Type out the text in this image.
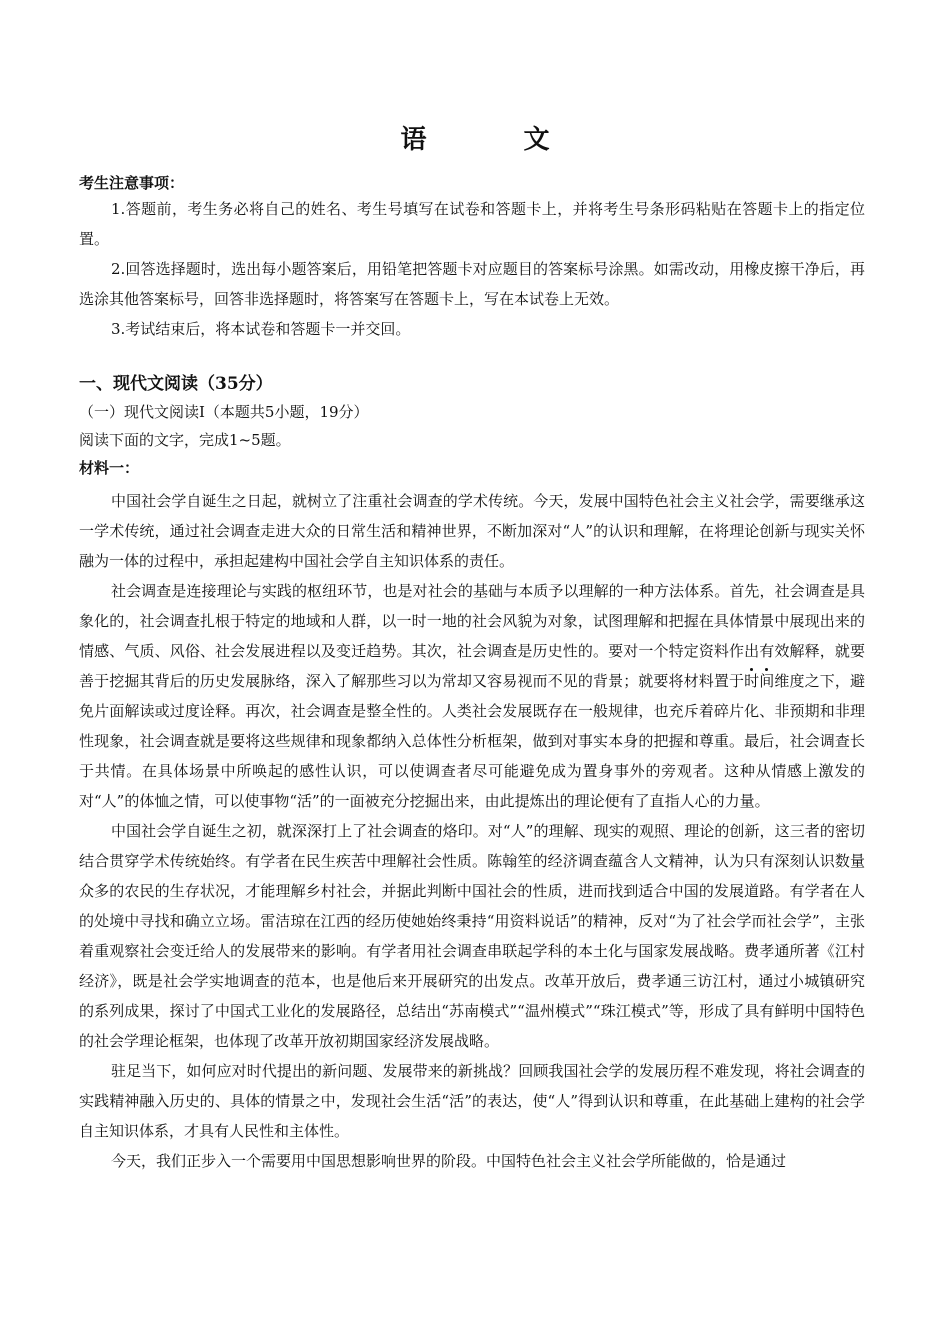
语 文
考生注意事项：
1.答题前，考生务必将自己的姓名、考生号填写在试卷和答题卡上，并将考生号条形码粘贴在答题卡上的指定位置。
2.回答选择题时，选出每小题答案后，用铅笔把答题卡对应题目的答案标号涂黑。如需改动，用橡皮擦干净后，再选涂其他答案标号，回答非选择题时，将答案写在答题卡上，写在本试卷上无效。
3.考试结束后，将本试卷和答题卡一并交回。
一、现代文阅读（35分）
（一）现代文阅读Ⅰ（本题共5小题，19分）
阅读下面的文字，完成1~5题。
材料一：
中国社会学自诞生之日起，就树立了注重社会调查的学术传统。今天，发展中国特色社会主义社会学，需要继承这一学术传统，通过社会调查走进大众的日常生活和精神世界，不断加深对“人”的认识和理解，在将理论创新与现实关怀融为一体的过程中，承担起建构中国社会学自主知识体系的责任。
社会调查是连接理论与实践的枢纽环节，也是对社会的基础与本质予以理解的一种方法体系。首先，社会调查是具象化的，社会调查扎根于特定的地域和人群，以一时一地的社会风貌为对象，试图理解和把握在具体情景中展现出来的情感、气质、风俗、社会发展进程以及变迁趋势。其次，社会调查是历史性的。要对一个特定资料作出有效解释，就要善于挖掘其背后的历史发展脉络，深入了解那些习以为常却又容易视而不见的背景；就要将材料置于时间维度之下，避免片面解读或过度诠释。再次，社会调查是整全性的。人类社会发展既存在一般规律，也充斥着碎片化、非预期和非理性现象，社会调查就是要将这些规律和现象都纳入总体性分析框架，做到对事实本身的把握和尊重。最后，社会调查长于共情。在具体场景中所唤起的感性认识，可以使调查者尽可能避免成为置身事外的旁观者。这种从情感上激发的对“人”的体恤之情，可以使事物“活”的一面被充分挖掘出来，由此提炼出的理论便有了直指人心的力量。
中国社会学自诞生之初，就深深打上了社会调查的烙印。对“人”的理解、现实的观照、理论的创新，这三者的密切结合贯穿学术传统始终。有学者在民生疾苦中理解社会性质。陈翰笙的经济调查蕴含人文精神，认为只有深刻认识数量众多的农民的生存状况，才能理解乡村社会，并据此判断中国社会的性质，进而找到适合中国的发展道路。有学者在人的处境中寻找和确立立场。雷洁琼在江西的经历使她始终秉持“用资料说话”的精神，反对“为了社会学而社会学”，主张着重观察社会变迁给人的发展带来的影响。有学者用社会调查串联起学科的本土化与国家发展战略。费孝通所著《江村经济》，既是社会学实地调查的范本，也是他后来开展研究的出发点。改革开放后，费孝通三访江村，通过小城镇研究的系列成果，探讨了中国式工业化的发展路径，总结出“苏南模式”“温州模式”“珠江模式”等，形成了具有鲜明中国特色的社会学理论框架，也体现了改革开放初期国家经济发展战略。
驻足当下，如何应对时代提出的新问题、发展带来的新挑战？回顾我国社会学的发展历程不难发现，将社会调查的实践精神融入历史的、具体的情景之中，发现社会生活“活”的表达，使“人”得到认识和尊重，在此基础上建构的社会学自主知识体系，才具有人民性和主体性。
今天，我们正步入一个需要用中国思想影响世界的阶段。中国特色社会主义社会学所能做的，恰是通过
